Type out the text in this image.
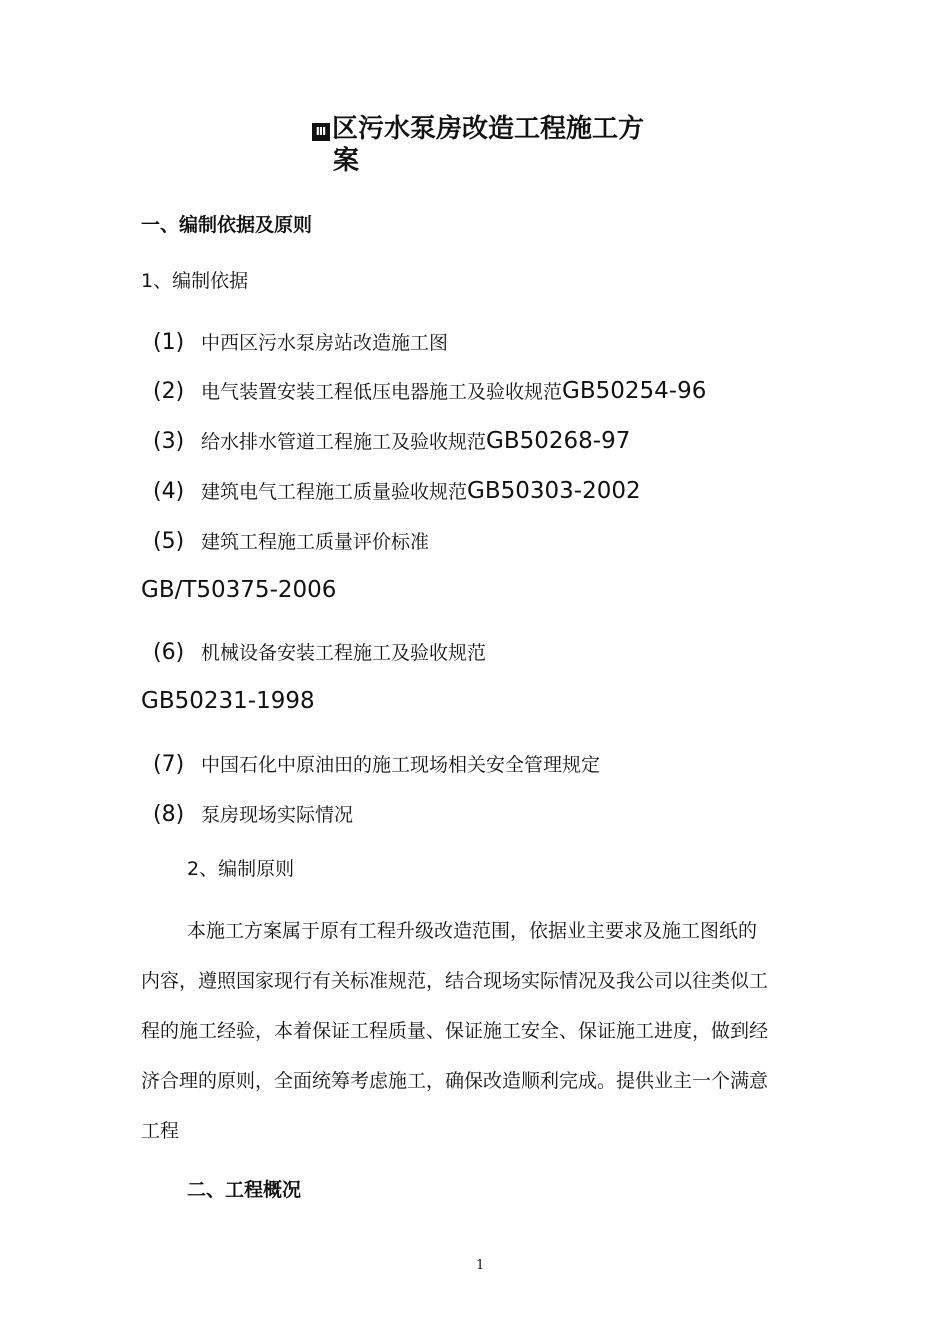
Ⅲ 区污水泵房改造工程施工方
案
一、编制依据及原则
1、编制依据
(1) 中西区污水泵房站改造施工图
(2) 电气装置安装工程低压电器施工及验收规范GB50254-96
(3) 给水排水管道工程施工及验收规范GB50268-97
(4) 建筑电气工程施工质量验收规范GB50303-2002
(5) 建筑工程施工质量评价标准
GB/T50375-2006
(6) 机械设备安装工程施工及验收规范
GB50231-1998
(7) 中国石化中原油田的施工现场相关安全管理规定
(8) 泵房现场实际情况
2、编制原则
本施工方案属于原有工程升级改造范围，依据业主要求及施工图纸的
内容，遵照国家现行有关标准规范，结合现场实际情况及我公司以往类似工
程的施工经验，本着保证工程质量、保证施工安全、保证施工进度，做到经
济合理的原则，全面统筹考虑施工，确保改造顺利完成。提供业主一个满意
工程
二、工程概况
1
